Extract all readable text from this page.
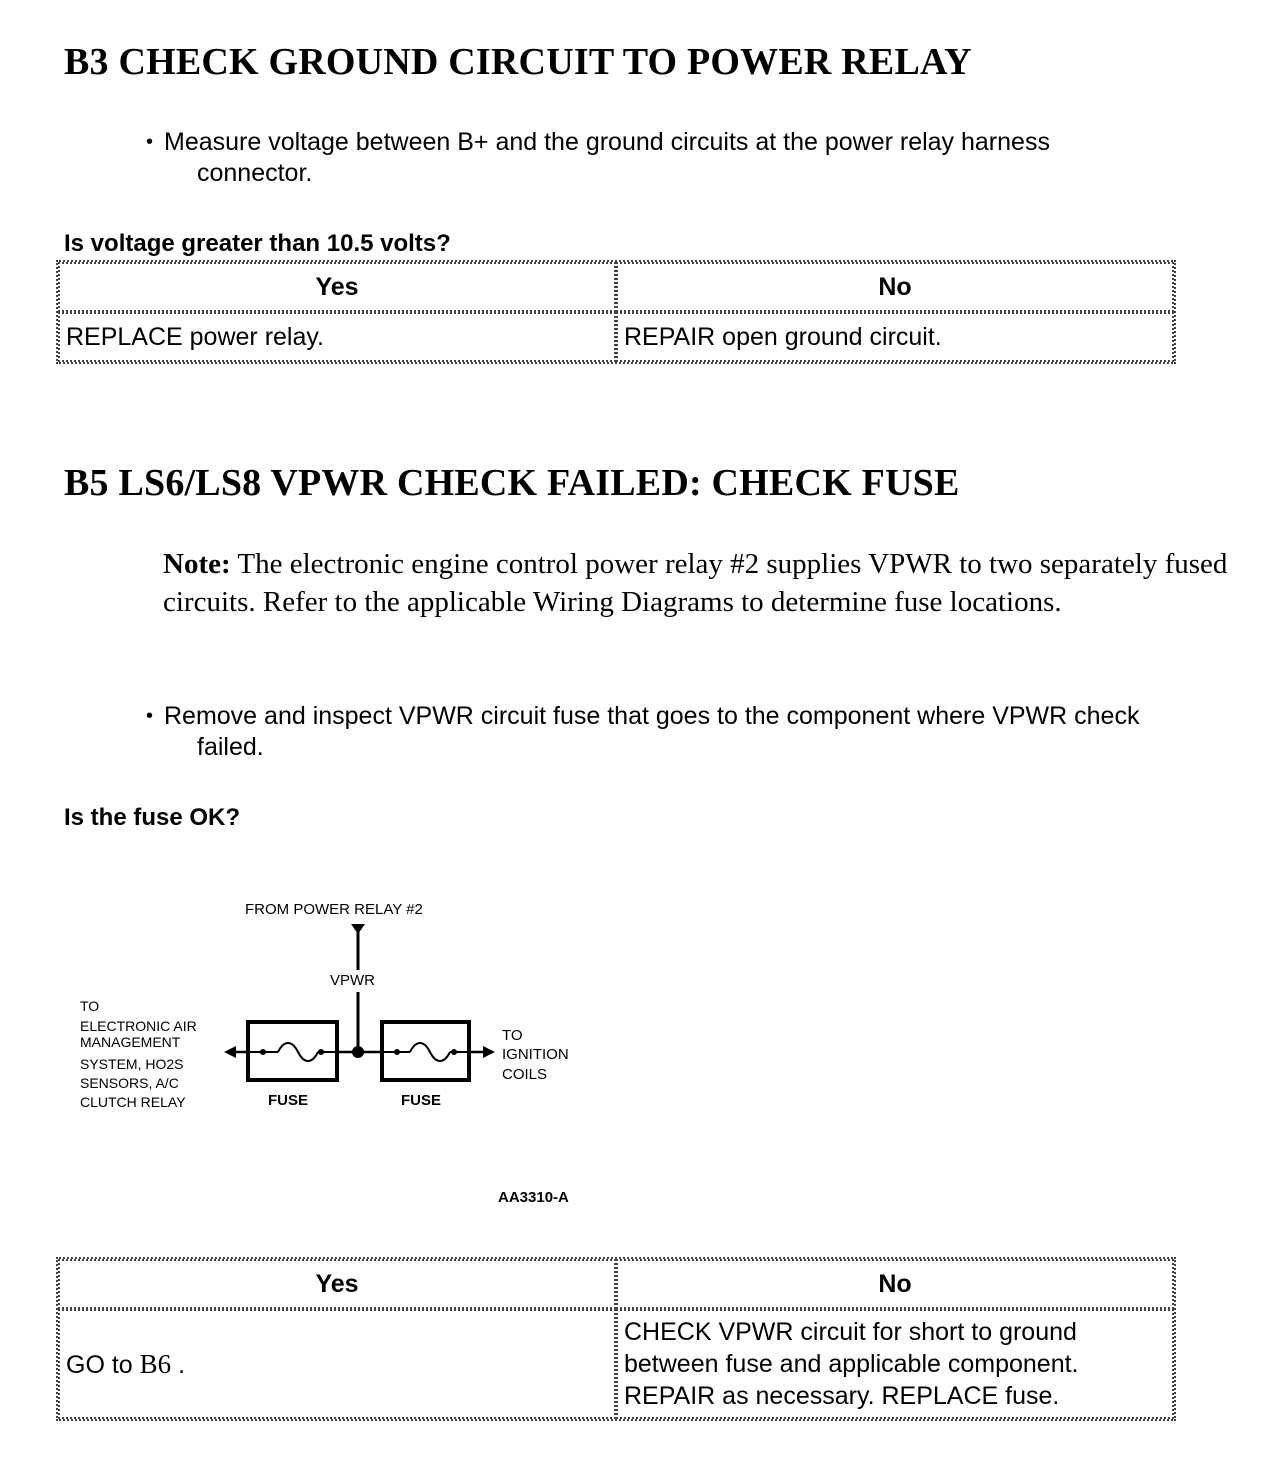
B3 CHECK GROUND CIRCUIT TO POWER RELAY
• Measure voltage between B+ and the ground circuits at the power relay harness
connector.

Is voltage greater than 10.5 volts?

Yes	No
REPLACE power relay.	REPAIR open ground circuit.
B5 LS6/LS8 VPWR CHECK FAILED: CHECK FUSE
Note: The electronic engine control power relay #2 supplies VPWR to two separately fused circuits. Refer to the applicable Wiring Diagrams to determine fuse locations.
• Remove and inspect VPWR circuit fuse that goes to the component where VPWR check
failed.

Is the fuse OK?

FROM POWER RELAY #2
VPWR
FUSE	FUSE
TO ELECTRONIC AIR MANAGEMENT SYSTEM, HO2S SENSORS, A/C CLUTCH RELAY
TO IGNITION COILS
AA3310-A
Yes	No
GO to B6 .	CHECK VPWR circuit for short to ground
between fuse and applicable component.
REPAIR as necessary. REPLACE fuse.
